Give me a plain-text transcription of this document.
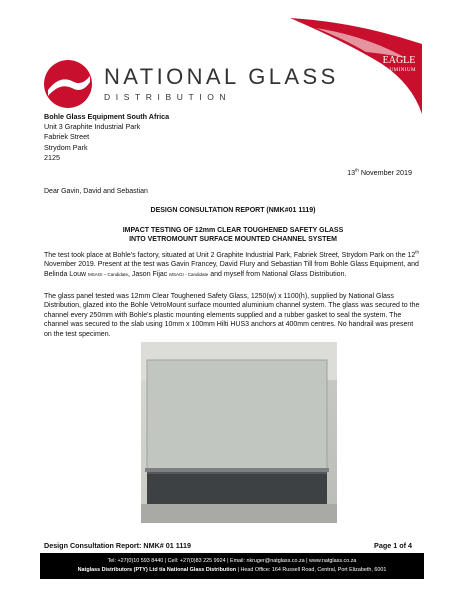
EAGLE
ALUMINIUM
NATIONAL GLASS
DISTRIBUTION
Bohle Glass Equipment South Africa
Unit 3 Graphite Industrial Park
Fabriek Street
Strydom Park
2125
13th November 2019
Dear Gavin, David and Sebastian
DESIGN CONSULTATION REPORT (NMK#01 1119)
IMPACT TESTING OF 12mm CLEAR TOUGHENED SAFETY GLASS
INTO VETROMOUNT SURFACE MOUNTED CHANNEL SYSTEM
The test took place at Bohle's factory, situated at Unit 2 Graphite Industrial Park, Fabriek Street, Strydom Park on the 12th November 2019. Present at the test was Gavin Francey, David Flury and Sebastian Till from Bohle Glass Equipment, and Belinda Louw MSAGI – Candidate, Jason Fijac MSAGI - Candidate and myself from National Glass Distribution.
The glass panel tested was 12mm Clear Toughened Safety Glass, 1250(w) x 1100(h), supplied by National Glass Distribution, glazed into the Bohle VetroMount surface mounted aluminium channel system. The glass was secured to the channel every 250mm with Bohle's plastic mounting elements supplied and a rubber gasket to seal the system. The channel was secured to the slab using 10mm x 100mm Hilti HUS3 anchors at 400mm centres. No handrail was present on the test specimen.
Design Consultation Report: NMK# 01 1119	Page 1 of 4
Tel: +27(0)10 593 8440 | Cell: +27(0)83 225 9924 | Email: nkruger@natglass.co.za | www.natglass.co.za
Natglass Distributors (PTY) Ltd t/a National Glass Distribution | Head Office: 164 Russell Road, Central, Port Elizabeth, 6001
